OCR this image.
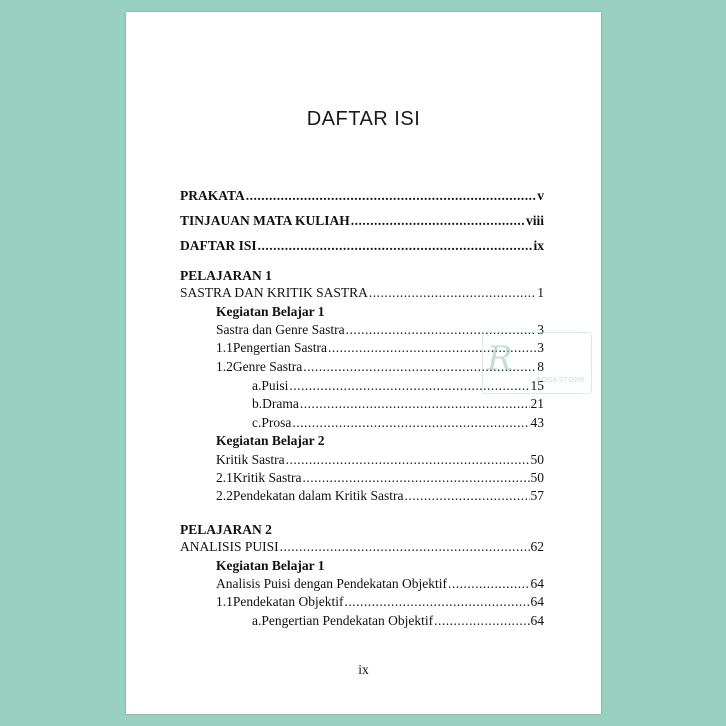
DAFTAR ISI
PRAKATA .....	v
TINJAUAN MATA KULIAH .....	viii
DAFTAR ISI .....	ix
PELAJARAN 1
SASTRA DAN KRITIK SASTRA .....	1
Kegiatan Belajar 1
Sastra dan Genre Sastra .....	3
1.1 Pengertian Sastra .....	3
1.2 Genre Sastra .....	8
a. Puisi .....	15
b. Drama .....	21
c. Prosa .....	43
Kegiatan Belajar 2
Kritik Sastra .....	50
2.1 Kritik Sastra .....	50
2.2 Pendekatan dalam Kritik Sastra .....	57
PELAJARAN 2
ANALISIS PUISI .....	62
Kegiatan Belajar 1
Analisis Puisi dengan Pendekatan Objektif .....	64
1.1 Pendekatan Objektif .....	64
a. Pengertian Pendekatan Objektif .....	64
ix
R
BOOKSTORE
